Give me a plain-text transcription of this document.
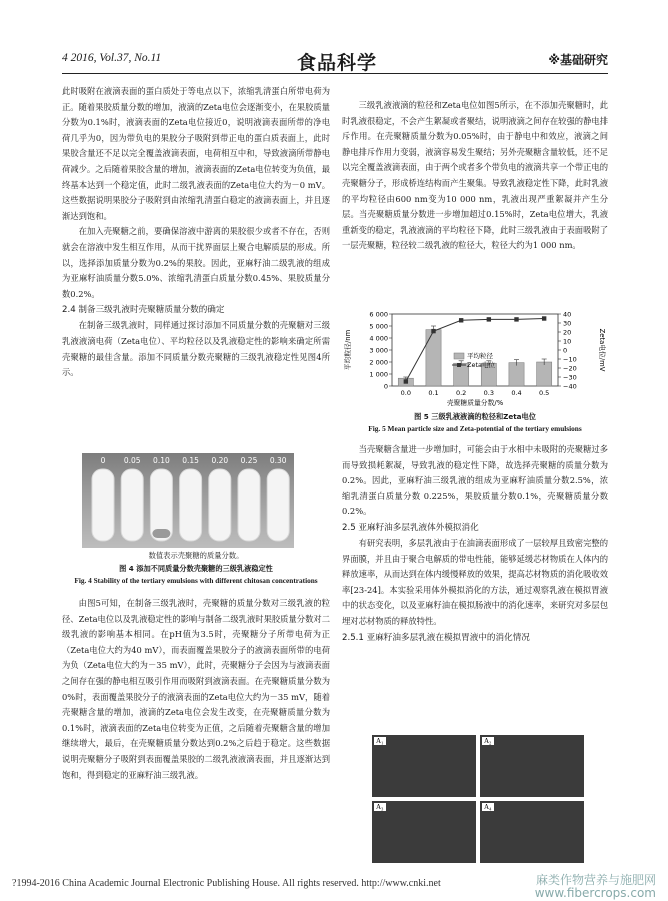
4 2016, Vol.37, No.11	食品科学	※基础研究

此时吸附在液滴表面的蛋白质处于等电点以下，浓缩乳清蛋白所带电荷为正。随着果胶质量分数的增加，液滴的Zeta电位会逐渐变小，在果胶质量分数为0.1%时，液滴表面的Zeta电位接近0，说明液滴表面所带的净电荷几乎为0，因为带负电的果胶分子吸附到带正电的蛋白质表面上，此时果胶含量还不足以完全覆盖液滴表面，电荷相互中和，导致液滴所带静电荷减少。之后随着果胶含量的增加，液滴表面的Zeta电位转变为负值，最终基本达到一个稳定值，此时二级乳液表面的Zeta电位大约为－0 mV。这些数据说明果胶分子吸附到由浓缩乳清蛋白稳定的液滴表面上，并且逐渐达到饱和。

在加入壳聚糖之前，要确保溶液中游离的果胶很少或者不存在，否则就会在溶液中发生相互作用，从而干扰界面层上聚合电解质层的形成。所以，选择添加质量分数为0.2%的果胶。因此，亚麻籽油二级乳液的组成为亚麻籽油质量分数5.0%、浓缩乳清蛋白质量分数0.45%、果胶质量分数0.2%。

2.4 制备三级乳液时壳聚糖质量分数的确定

在制备三级乳液时，同样通过探讨添加不同质量分数的壳聚糖对三级乳液液滴电荷（Zeta电位）、平均粒径以及乳液稳定性的影响来确定所需壳聚糖的最佳含量。添加不同质量分数壳聚糖的三级乳液稳定性见图4所示。

0 0.05 0.10 0.15 0.20 0.25 0.30
数值表示壳聚糖的质量分数。
图 4 添加不同质量分数壳聚糖的三级乳液稳定性
Fig. 4 Stability of the tertiary emulsions with different chitosan concentrations

由图5可知，在制备三级乳液时，壳聚糖的质量分数对三级乳液的粒径、Zeta电位以及乳液稳定性的影响与制备二级乳液时果胶质量分数对二级乳液的影响基本相同。在pH值为3.5时，壳聚糖分子所带电荷为正（Zeta电位大约为40 mV），而表面覆盖果胶分子的液滴表面所带的电荷为负（Zeta电位大约为－35 mV），此时，壳聚糖分子会因为与液滴表面之间存在强的静电相互吸引作用而吸附到液滴表面。在壳聚糖质量分数为0%时，表面覆盖果胶分子的液滴表面的Zeta电位大约为－35 mV，随着壳聚糖含量的增加，液滴的Zeta电位会发生改变，在壳聚糖质量分数为0.1%时，液滴表面的Zeta电位转变为正值，之后随着壳聚糖含量的增加继续增大，最后，在壳聚糖质量分数达到0.2%之后趋于稳定。这些数据说明壳聚糖分子吸附到表面覆盖果胶的二级乳液液滴表面，并且逐渐达到饱和，得到稳定的亚麻籽油三级乳液。

三级乳液液滴的粒径和Zeta电位如图5所示，在不添加壳聚糖时，此时乳液很稳定，不会产生絮凝或者聚结，说明液滴之间存在较强的静电排斥作用。在壳聚糖质量分数为0.05%时，由于静电中和效应，液滴之间静电排斥作用力变弱，液滴容易发生聚结；另外壳聚糖含量较低，还不足以完全覆盖液滴表面，由于两个或者多个带负电的液滴共享一个带正电的壳聚糖分子，形成桥连结构而产生聚集。导致乳液稳定性下降，此时乳液的平均粒径由600 nm变为10 000 nm，乳液出现严重絮凝并产生分层。当壳聚糖质量分数进一步增加超过0.15%时，Zeta电位增大，乳液重新变的稳定，乳液液滴的平均粒径下降，此时三级乳液由于表面吸附了一层壳聚糖，粒径较二级乳液的粒径大，粒径大约为1 000 nm。

0
1 000
2 000
3 000
4 000
5 000
6 000
−40
−30
−20
−10
0
10
20
30
40
0.0	0.1	0.2	0.3	0.4	0.5
平均粒径
Zeta电位
壳聚糖质量分数/%
平均粒径/nm	Zeta电位/mV
图 5 三级乳液液滴的粒径和Zeta电位
Fig. 5 Mean particle size and Zeta-potential of the tertiary emulsions

当壳聚糖含量进一步增加时，可能会由于水相中未吸附的壳聚糖过多而导致损耗絮凝，导致乳液的稳定性下降，故选择壳聚糖的质量分数为0.2%。因此，亚麻籽油三级乳液的组成为亚麻籽油质量分数2.5%，浓缩乳清蛋白质量分数 0.225%，果胶质量分数0.1%，壳聚糖质量分数0.2%。

2.5 亚麻籽油多层乳液体外模拟消化

有研究表明，多层乳液由于在油滴表面形成了一层较厚且致密完整的界面膜，并且由于聚合电解质的带电性能，能够延缓芯材物质在人体内的释放速率，从而达到在体内缓慢释放的效果，提高芯材物质的消化吸收效率[23-24]。本实验采用体外模拟消化的方法，通过观察乳液在模拟胃液中的状态变化，以及亚麻籽油在模拟肠液中的消化速率，来研究对多层包埋对芯材物质的释放特性。

2.5.1 亚麻籽油多层乳液在模拟胃液中的消化情况

A₁	A₂
A₃	A₄
?1994-2016 China Academic Journal Electronic Publishing House. All rights reserved. http://www.cnki.net	麻类作物营养与施肥网
www.fibercrops.com
